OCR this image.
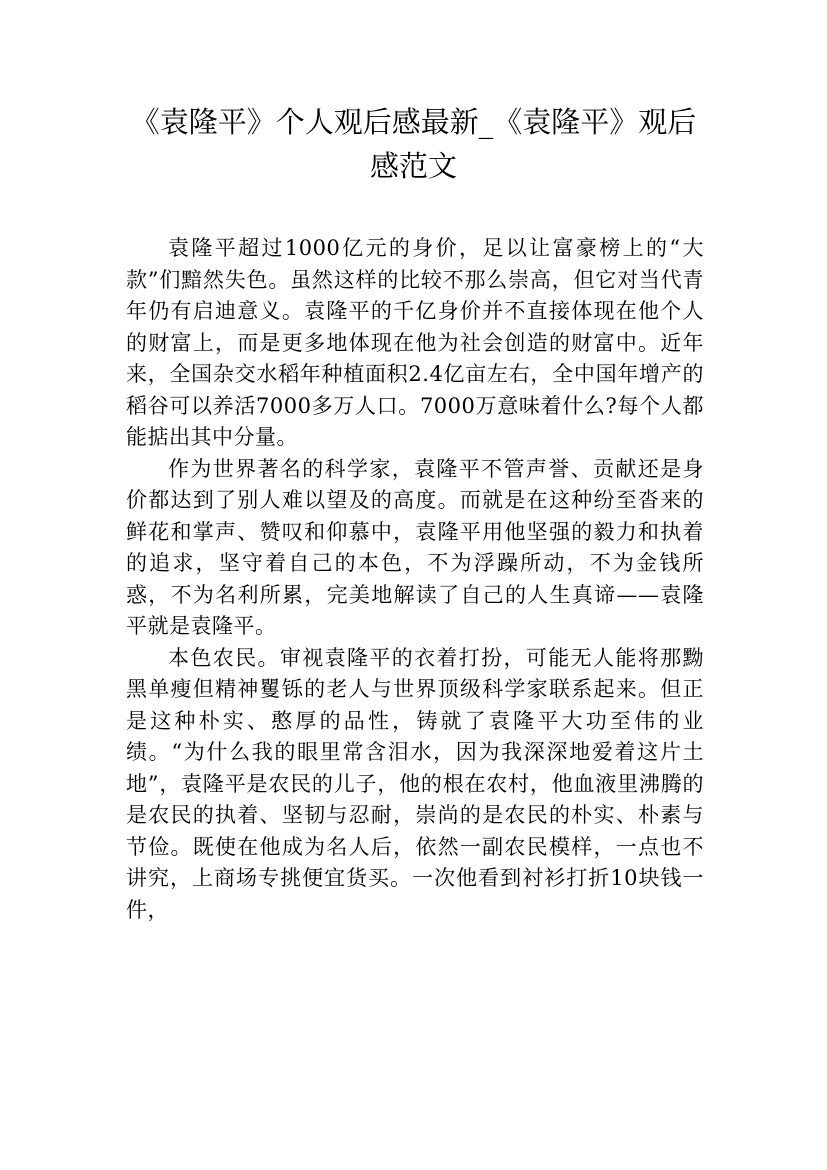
《袁隆平》个人观后感最新_《袁隆平》观后感范文

袁隆平超过1000亿元的身价，足以让富豪榜上的“大款”们黯然失色。虽然这样的比较不那么崇高，但它对当代青年仍有启迪意义。袁隆平的千亿身价并不直接体现在他个人的财富上，而是更多地体现在他为社会创造的财富中。近年来，全国杂交水稻年种植面积2.4亿亩左右，全中国年增产的稻谷可以养活7000多万人口。7000万意味着什么?每个人都能掂出其中分量。

作为世界著名的科学家，袁隆平不管声誉、贡献还是身价都达到了别人难以望及的高度。而就是在这种纷至沓来的鲜花和掌声、赞叹和仰慕中，袁隆平用他坚强的毅力和执着的追求，坚守着自己的本色，不为浮躁所动，不为金钱所惑，不为名利所累，完美地解读了自己的人生真谛——袁隆平就是袁隆平。

本色农民。审视袁隆平的衣着打扮，可能无人能将那黝黑单瘦但精神矍铄的老人与世界顶级科学家联系起来。但正是这种朴实、憨厚的品性，铸就了袁隆平大功至伟的业绩。“为什么我的眼里常含泪水，因为我深深地爱着这片土地”，袁隆平是农民的儿子，他的根在农村，他血液里沸腾的是农民的执着、坚韧与忍耐，崇尚的是农民的朴实、朴素与节俭。既使在他成为名人后，依然一副农民模样，一点也不讲究，上商场专挑便宜货买。一次他看到衬衫打折10块钱一件，
